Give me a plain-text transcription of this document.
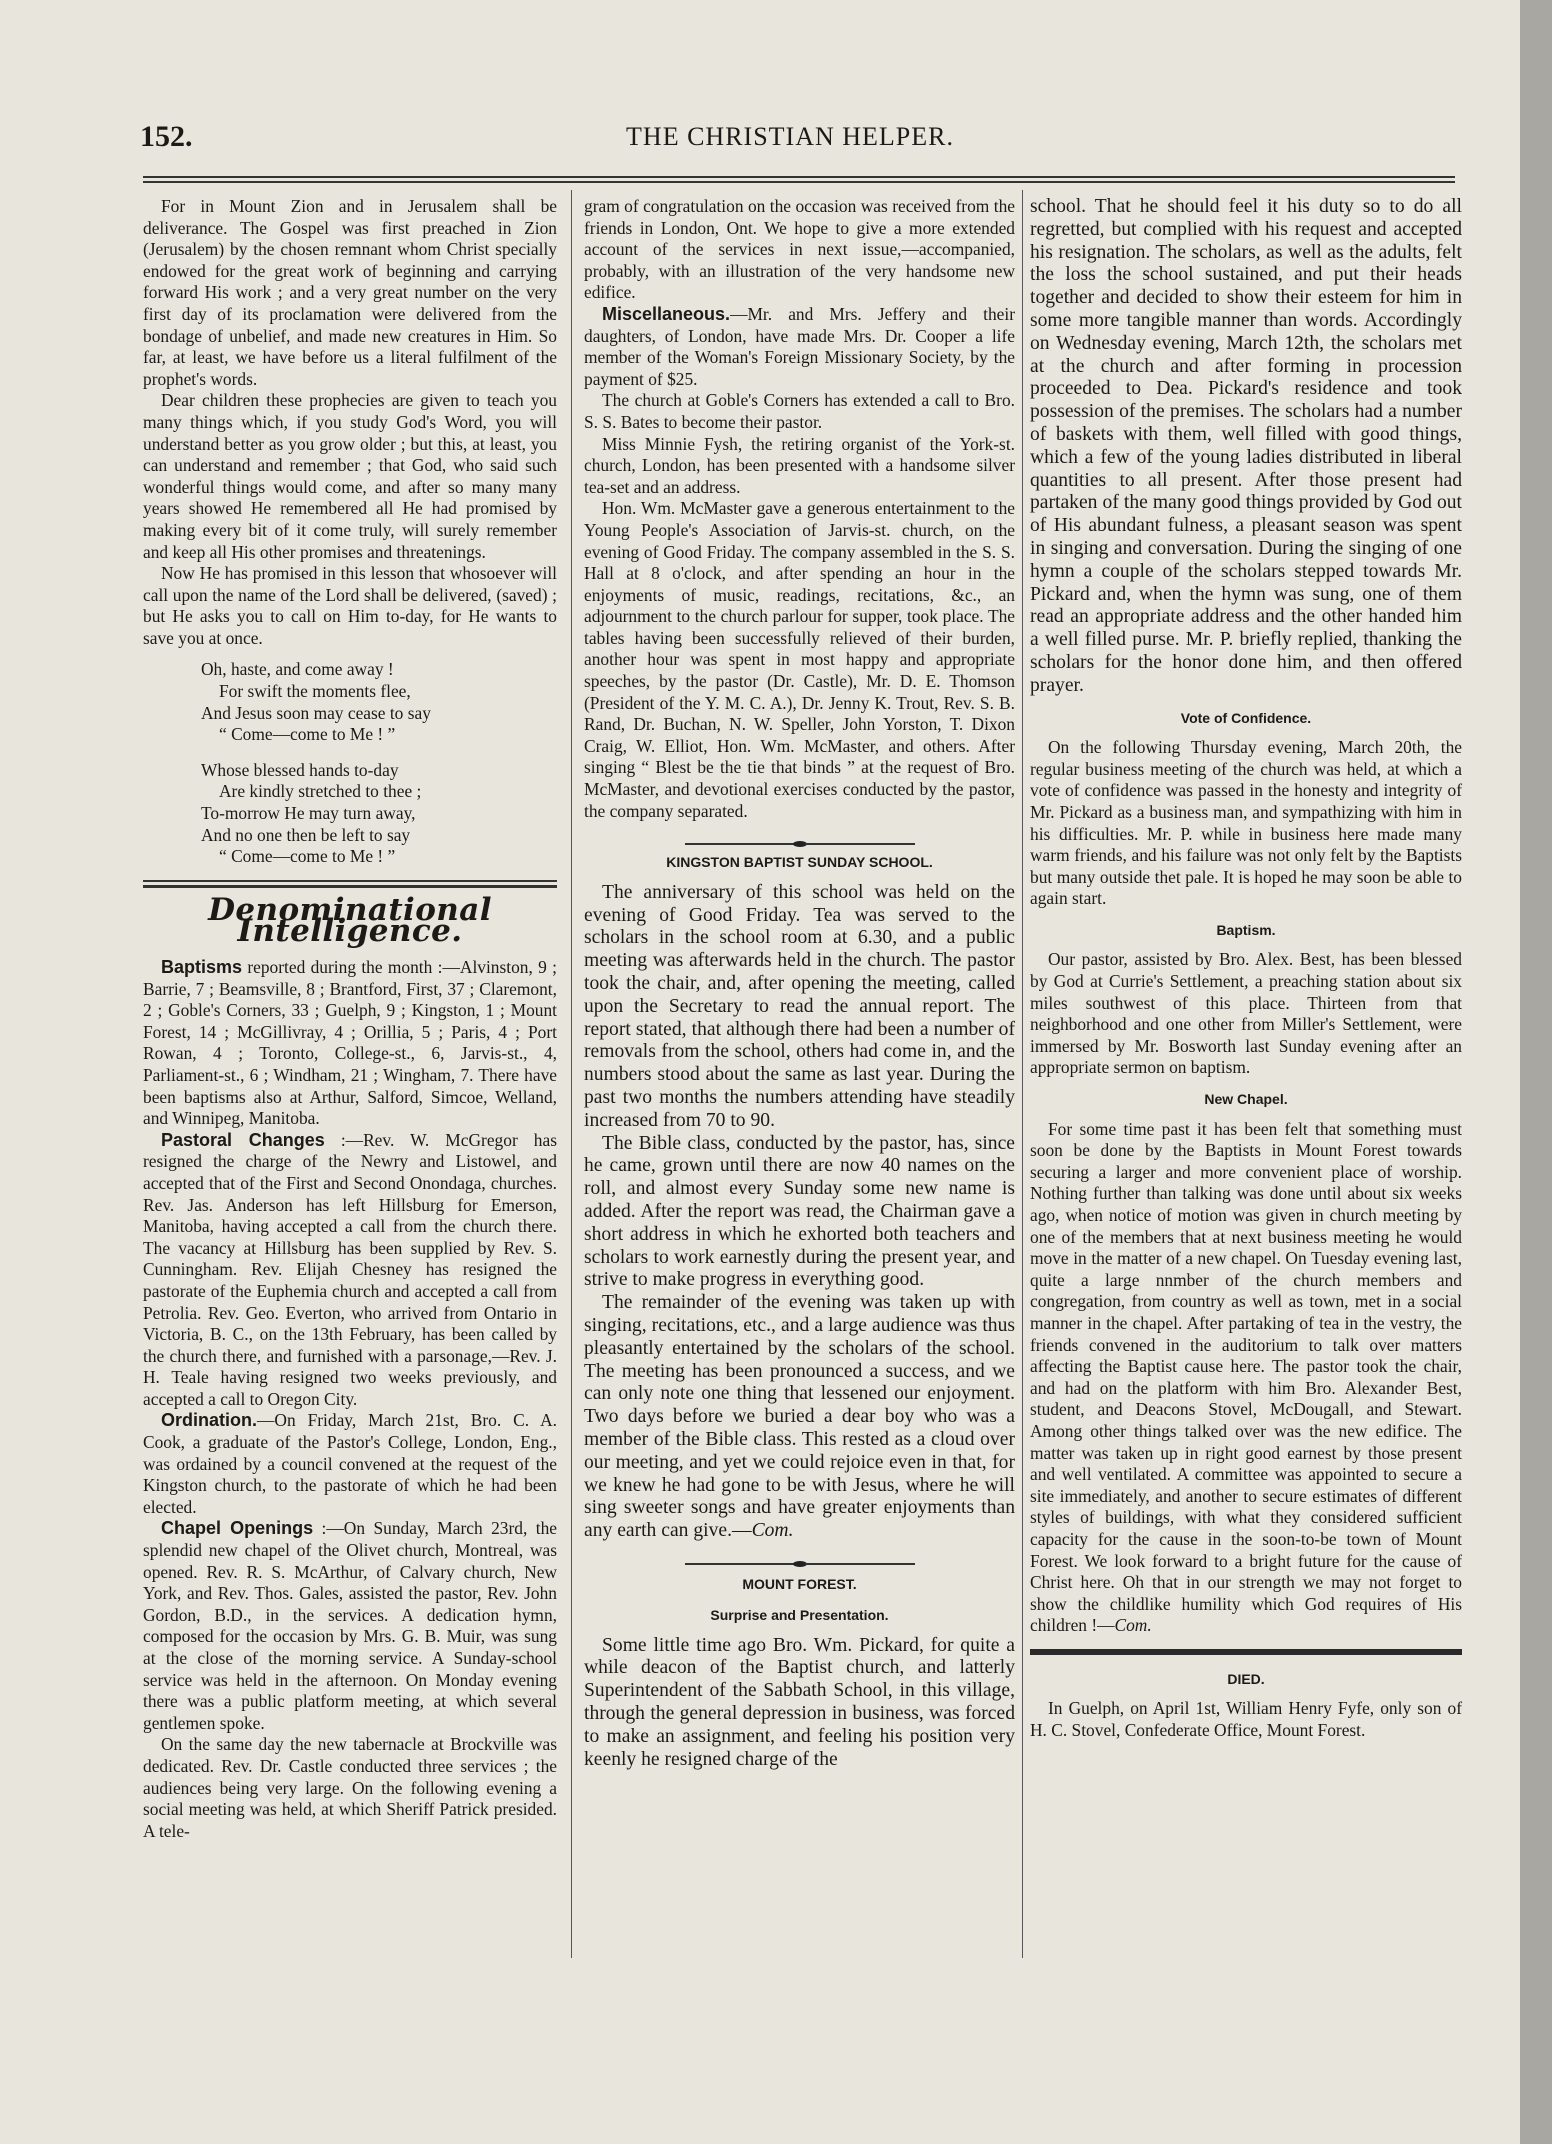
152.	THE CHRISTIAN HELPER.

For in Mount Zion and in Jerusalem shall be deliverance. The Gospel was first preached in Zion (Jerusalem) by the chosen remnant whom Christ specially endowed for the great work of beginning and carrying forward His work ; and a very great number on the very first day of its proclamation were delivered from the bondage of unbelief, and made new creatures in Him. So far, at least, we have before us a literal fulfilment of the prophet's words.

Dear children these prophecies are given to teach you many things which, if you study God's Word, you will understand better as you grow older ; but this, at least, you can understand and remember ; that God, who said such wonderful things would come, and after so many many years showed He remembered all He had promised by making every bit of it come truly, will surely remember and keep all His other promises and threatenings.

Now He has promised in this lesson that whosoever will call upon the name of the Lord shall be delivered, (saved) ; but He asks you to call on Him to-day, for He wants to save you at once.

Oh, haste, and come away !
For swift the moments flee,
And Jesus soon may cease to say
“ Come—come to Me ! ”
Whose blessed hands to-day
Are kindly stretched to thee ;
To-morrow He may turn away,
And no one then be left to say
“ Come—come to Me ! ”
Denominational Intelligence.

Baptisms reported during the month :—Alvinston, 9 ; Barrie, 7 ; Beamsville, 8 ; Brantford, First, 37 ; Claremont, 2 ; Goble's Corners, 33 ; Guelph, 9 ; Kingston, 1 ; Mount Forest, 14 ; McGillivray, 4 ; Orillia, 5 ; Paris, 4 ; Port Rowan, 4 ; Toronto, College-st., 6, Jarvis-st., 4, Parliament-st., 6 ; Windham, 21 ; Wingham, 7. There have been baptisms also at Arthur, Salford, Simcoe, Welland, and Winnipeg, Manitoba.

Pastoral Changes :—Rev. W. McGregor has resigned the charge of the Newry and Listowel, and accepted that of the First and Second Onondaga, churches. Rev. Jas. Anderson has left Hillsburg for Emerson, Manitoba, having accepted a call from the church there. The vacancy at Hillsburg has been supplied by Rev. S. Cunningham. Rev. Elijah Chesney has resigned the pastorate of the Euphemia church and accepted a call from Petrolia. Rev. Geo. Everton, who arrived from Ontario in Victoria, B. C., on the 13th February, has been called by the church there, and furnished with a parsonage,—Rev. J. H. Teale having resigned two weeks previously, and accepted a call to Oregon City.

Ordination.—On Friday, March 21st, Bro. C. A. Cook, a graduate of the Pastor's College, London, Eng., was ordained by a council convened at the request of the Kingston church, to the pastorate of which he had been elected.

Chapel Openings :—On Sunday, March 23rd, the splendid new chapel of the Olivet church, Montreal, was opened. Rev. R. S. McArthur, of Calvary church, New York, and Rev. Thos. Gales, assisted the pastor, Rev. John Gordon, B.D., in the services. A dedication hymn, composed for the occasion by Mrs. G. B. Muir, was sung at the close of the morning service. A Sunday-school service was held in the afternoon. On Monday evening there was a public platform meeting, at which several gentlemen spoke.

On the same day the new tabernacle at Brockville was dedicated. Rev. Dr. Castle conducted three services ; the audiences being very large. On the following evening a social meeting was held, at which Sheriff Patrick presided. A tele-

gram of congratulation on the occasion was received from the friends in London, Ont. We hope to give a more extended account of the services in next issue,—accompanied, probably, with an illustration of the very handsome new edifice.

Miscellaneous.—Mr. and Mrs. Jeffery and their daughters, of London, have made Mrs. Dr. Cooper a life member of the Woman's Foreign Missionary Society, by the payment of $25.

The church at Goble's Corners has extended a call to Bro. S. S. Bates to become their pastor.

Miss Minnie Fysh, the retiring organist of the York-st. church, London, has been presented with a handsome silver tea-set and an address.

Hon. Wm. McMaster gave a generous entertainment to the Young People's Association of Jarvis-st. church, on the evening of Good Friday. The company assembled in the S. S. Hall at 8 o'clock, and after spending an hour in the enjoyments of music, readings, recitations, &c., an adjournment to the church parlour for supper, took place. The tables having been successfully relieved of their burden, another hour was spent in most happy and appropriate speeches, by the pastor (Dr. Castle), Mr. D. E. Thomson (President of the Y. M. C. A.), Dr. Jenny K. Trout, Rev. S. B. Rand, Dr. Buchan, N. W. Speller, John Yorston, T. Dixon Craig, W. Elliot, Hon. Wm. McMaster, and others. After singing “ Blest be the tie that binds ” at the request of Bro. McMaster, and devotional exercises conducted by the pastor, the company separated.

KINGSTON BAPTIST SUNDAY SCHOOL.

The anniversary of this school was held on the evening of Good Friday. Tea was served to the scholars in the school room at 6.30, and a public meeting was afterwards held in the church. The pastor took the chair, and, after opening the meeting, called upon the Secretary to read the annual report. The report stated, that although there had been a number of removals from the school, others had come in, and the numbers stood about the same as last year. During the past two months the numbers attending have steadily increased from 70 to 90.

The Bible class, conducted by the pastor, has, since he came, grown until there are now 40 names on the roll, and almost every Sunday some new name is added. After the report was read, the Chairman gave a short address in which he exhorted both teachers and scholars to work earnestly during the present year, and strive to make progress in everything good.

The remainder of the evening was taken up with singing, recitations, etc., and a large audience was thus pleasantly entertained by the scholars of the school. The meeting has been pronounced a success, and we can only note one thing that lessened our enjoyment. Two days before we buried a dear boy who was a member of the Bible class. This rested as a cloud over our meeting, and yet we could rejoice even in that, for we knew he had gone to be with Jesus, where he will sing sweeter songs and have greater enjoyments than any earth can give.—Com.

MOUNT FOREST.
Surprise and Presentation.

Some little time ago Bro. Wm. Pickard, for quite a while deacon of the Baptist church, and latterly Superintendent of the Sabbath School, in this village, through the general depression in business, was forced to make an assignment, and feeling his position very keenly he resigned charge of the

school. That he should feel it his duty so to do all regretted, but complied with his request and accepted his resignation. The scholars, as well as the adults, felt the loss the school sustained, and put their heads together and decided to show their esteem for him in some more tangible manner than words. Accordingly on Wednesday evening, March 12th, the scholars met at the church and after forming in procession proceeded to Dea. Pickard's residence and took possession of the premises. The scholars had a number of baskets with them, well filled with good things, which a few of the young ladies distributed in liberal quantities to all present. After those present had partaken of the many good things provided by God out of His abundant fulness, a pleasant season was spent in singing and conversation. During the singing of one hymn a couple of the scholars stepped towards Mr. Pickard and, when the hymn was sung, one of them read an appropriate address and the other handed him a well filled purse. Mr. P. briefly replied, thanking the scholars for the honor done him, and then offered prayer.

Vote of Confidence.

On the following Thursday evening, March 20th, the regular business meeting of the church was held, at which a vote of confidence was passed in the honesty and integrity of Mr. Pickard as a business man, and sympathizing with him in his difficulties. Mr. P. while in business here made many warm friends, and his failure was not only felt by the Baptists but many outside thet pale. It is hoped he may soon be able to again start.

Baptism.

Our pastor, assisted by Bro. Alex. Best, has been blessed by God at Currie's Settlement, a preaching station about six miles southwest of this place. Thirteen from that neighborhood and one other from Miller's Settlement, were immersed by Mr. Bosworth last Sunday evening after an appropriate sermon on baptism.

New Chapel.

For some time past it has been felt that something must soon be done by the Baptists in Mount Forest towards securing a larger and more convenient place of worship. Nothing further than talking was done until about six weeks ago, when notice of motion was given in church meeting by one of the members that at next business meeting he would move in the matter of a new chapel. On Tuesday evening last, quite a large nnmber of the church members and congregation, from country as well as town, met in a social manner in the chapel. After partaking of tea in the vestry, the friends convened in the auditorium to talk over matters affecting the Baptist cause here. The pastor took the chair, and had on the platform with him Bro. Alexander Best, student, and Deacons Stovel, McDougall, and Stewart. Among other things talked over was the new edifice. The matter was taken up in right good earnest by those present and well ventilated. A committee was appointed to secure a site immediately, and another to secure estimates of different styles of buildings, with what they considered sufficient capacity for the cause in the soon-to-be town of Mount Forest. We look forward to a bright future for the cause of Christ here. Oh that in our strength we may not forget to show the childlike humility which God requires of His children !—Com.

DIED.

In Guelph, on April 1st, William Henry Fyfe, only son of H. C. Stovel, Confederate Office, Mount Forest.
